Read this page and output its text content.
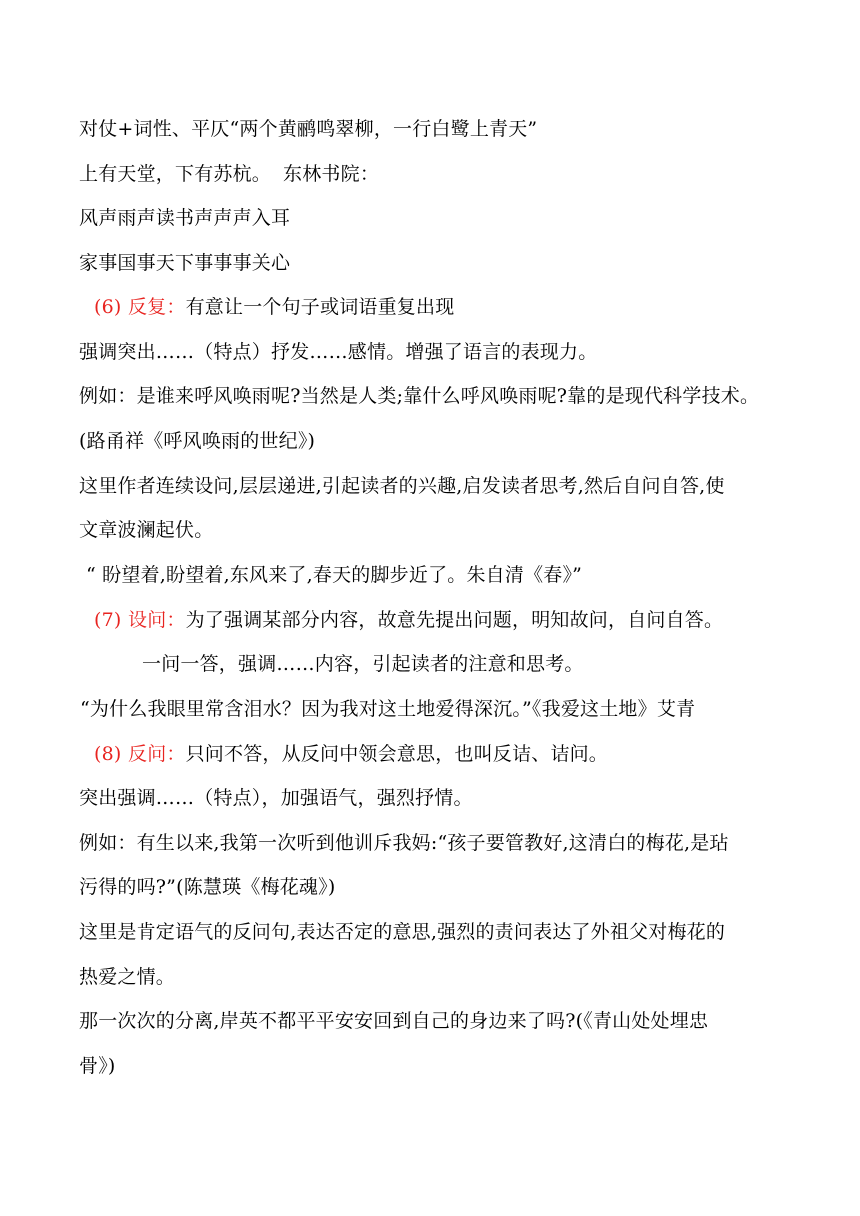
对仗+词性、平仄“两个黄鹂鸣翠柳，一行白鹭上青天”
上有天堂，下有苏杭。 东林书院：
风声雨声读书声声声入耳
家事国事天下事事事关心
(6) 反复：有意让一个句子或词语重复出现
强调突出……（特点）抒发……感情。增强了语言的表现力。
例如：是谁来呼风唤雨呢?当然是人类;靠什么呼风唤雨呢?靠的是现代科学技术。
(路甬祥《呼风唤雨的世纪》)
这里作者连续设问,层层递进,引起读者的兴趣,启发读者思考,然后自问自答,使
文章波澜起伏。
“ 盼望着,盼望着,东风来了,春天的脚步近了。朱自清《春》”
(7) 设问：为了强调某部分内容，故意先提出问题，明知故问，自问自答。
一问一答，强调……内容，引起读者的注意和思考。
“为什么我眼里常含泪水？因为我对这土地爱得深沉。”《我爱这土地》艾青
(8) 反问：只问不答，从反问中领会意思，也叫反诘、诘问。
突出强调……（特点），加强语气，强烈抒情。
例如：有生以来,我第一次听到他训斥我妈:“孩子要管教好,这清白的梅花,是玷
污得的吗?”(陈慧瑛《梅花魂》)
这里是肯定语气的反问句,表达否定的意思,强烈的责问表达了外祖父对梅花的
热爱之情。
那一次次的分离,岸英不都平平安安回到自己的身边来了吗?(《青山处处埋忠
骨》)
